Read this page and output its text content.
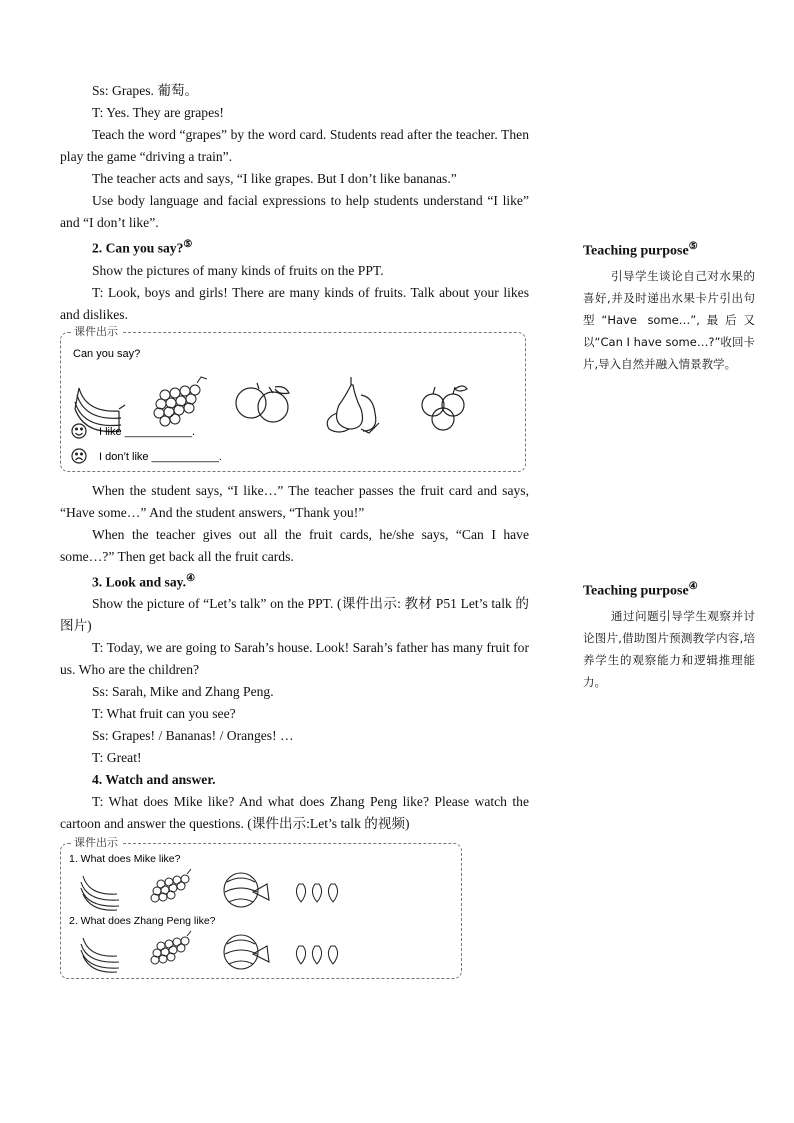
Ss: Grapes. 葡萄。

T: Yes. They are grapes!

Teach the word “grapes” by the word card. Students read after the teacher. Then play the game “driving a train”.

The teacher acts and says, “I like grapes. But I don’t like bananas.”

Use body language and facial expressions to help students understand “I like” and “I don’t like”.

2. Can you say?⑤

Show the pictures of many kinds of fruits on the PPT.

T: Look, boys and girls! There are many kinds of fruits. Talk about your likes and dislikes.

课件出示
Can you say?
I like ___________.
I don’t like ___________.

When the student says, “I like…” The teacher passes the fruit card and says, “Have some…” And the student answers, “Thank you!”

When the teacher gives out all the fruit cards, he/she says, “Can I have some…?” Then get back all the fruit cards.

3. Look and say.④

Show the picture of “Let’s talk” on the PPT. (课件出示: 教材 P51 Let’s talk 的图片)

T: Today, we are going to Sarah’s house. Look! Sarah’s father has many fruit for us. Who are the children?

Ss: Sarah, Mike and Zhang Peng.

T: What fruit can you see?

Ss: Grapes! / Bananas! / Oranges! …

T: Great!

4. Watch and answer.

T: What does Mike like? And what does Zhang Peng like? Please watch the cartoon and answer the questions. (课件出示:Let’s talk 的视频)

课件出示
1. What does Mike like?
2. What does Zhang Peng like?

Teaching purpose⑤

引导学生谈论自己对水果的喜好,并及时递出水果卡片引出句型“Have some…”,最后又以“Can I have some…?”收回卡片,导入自然并融入情景教学。

Teaching purpose④

通过问题引导学生观察并讨论图片,借助图片预测教学内容,培养学生的观察能力和逻辑推理能力。
